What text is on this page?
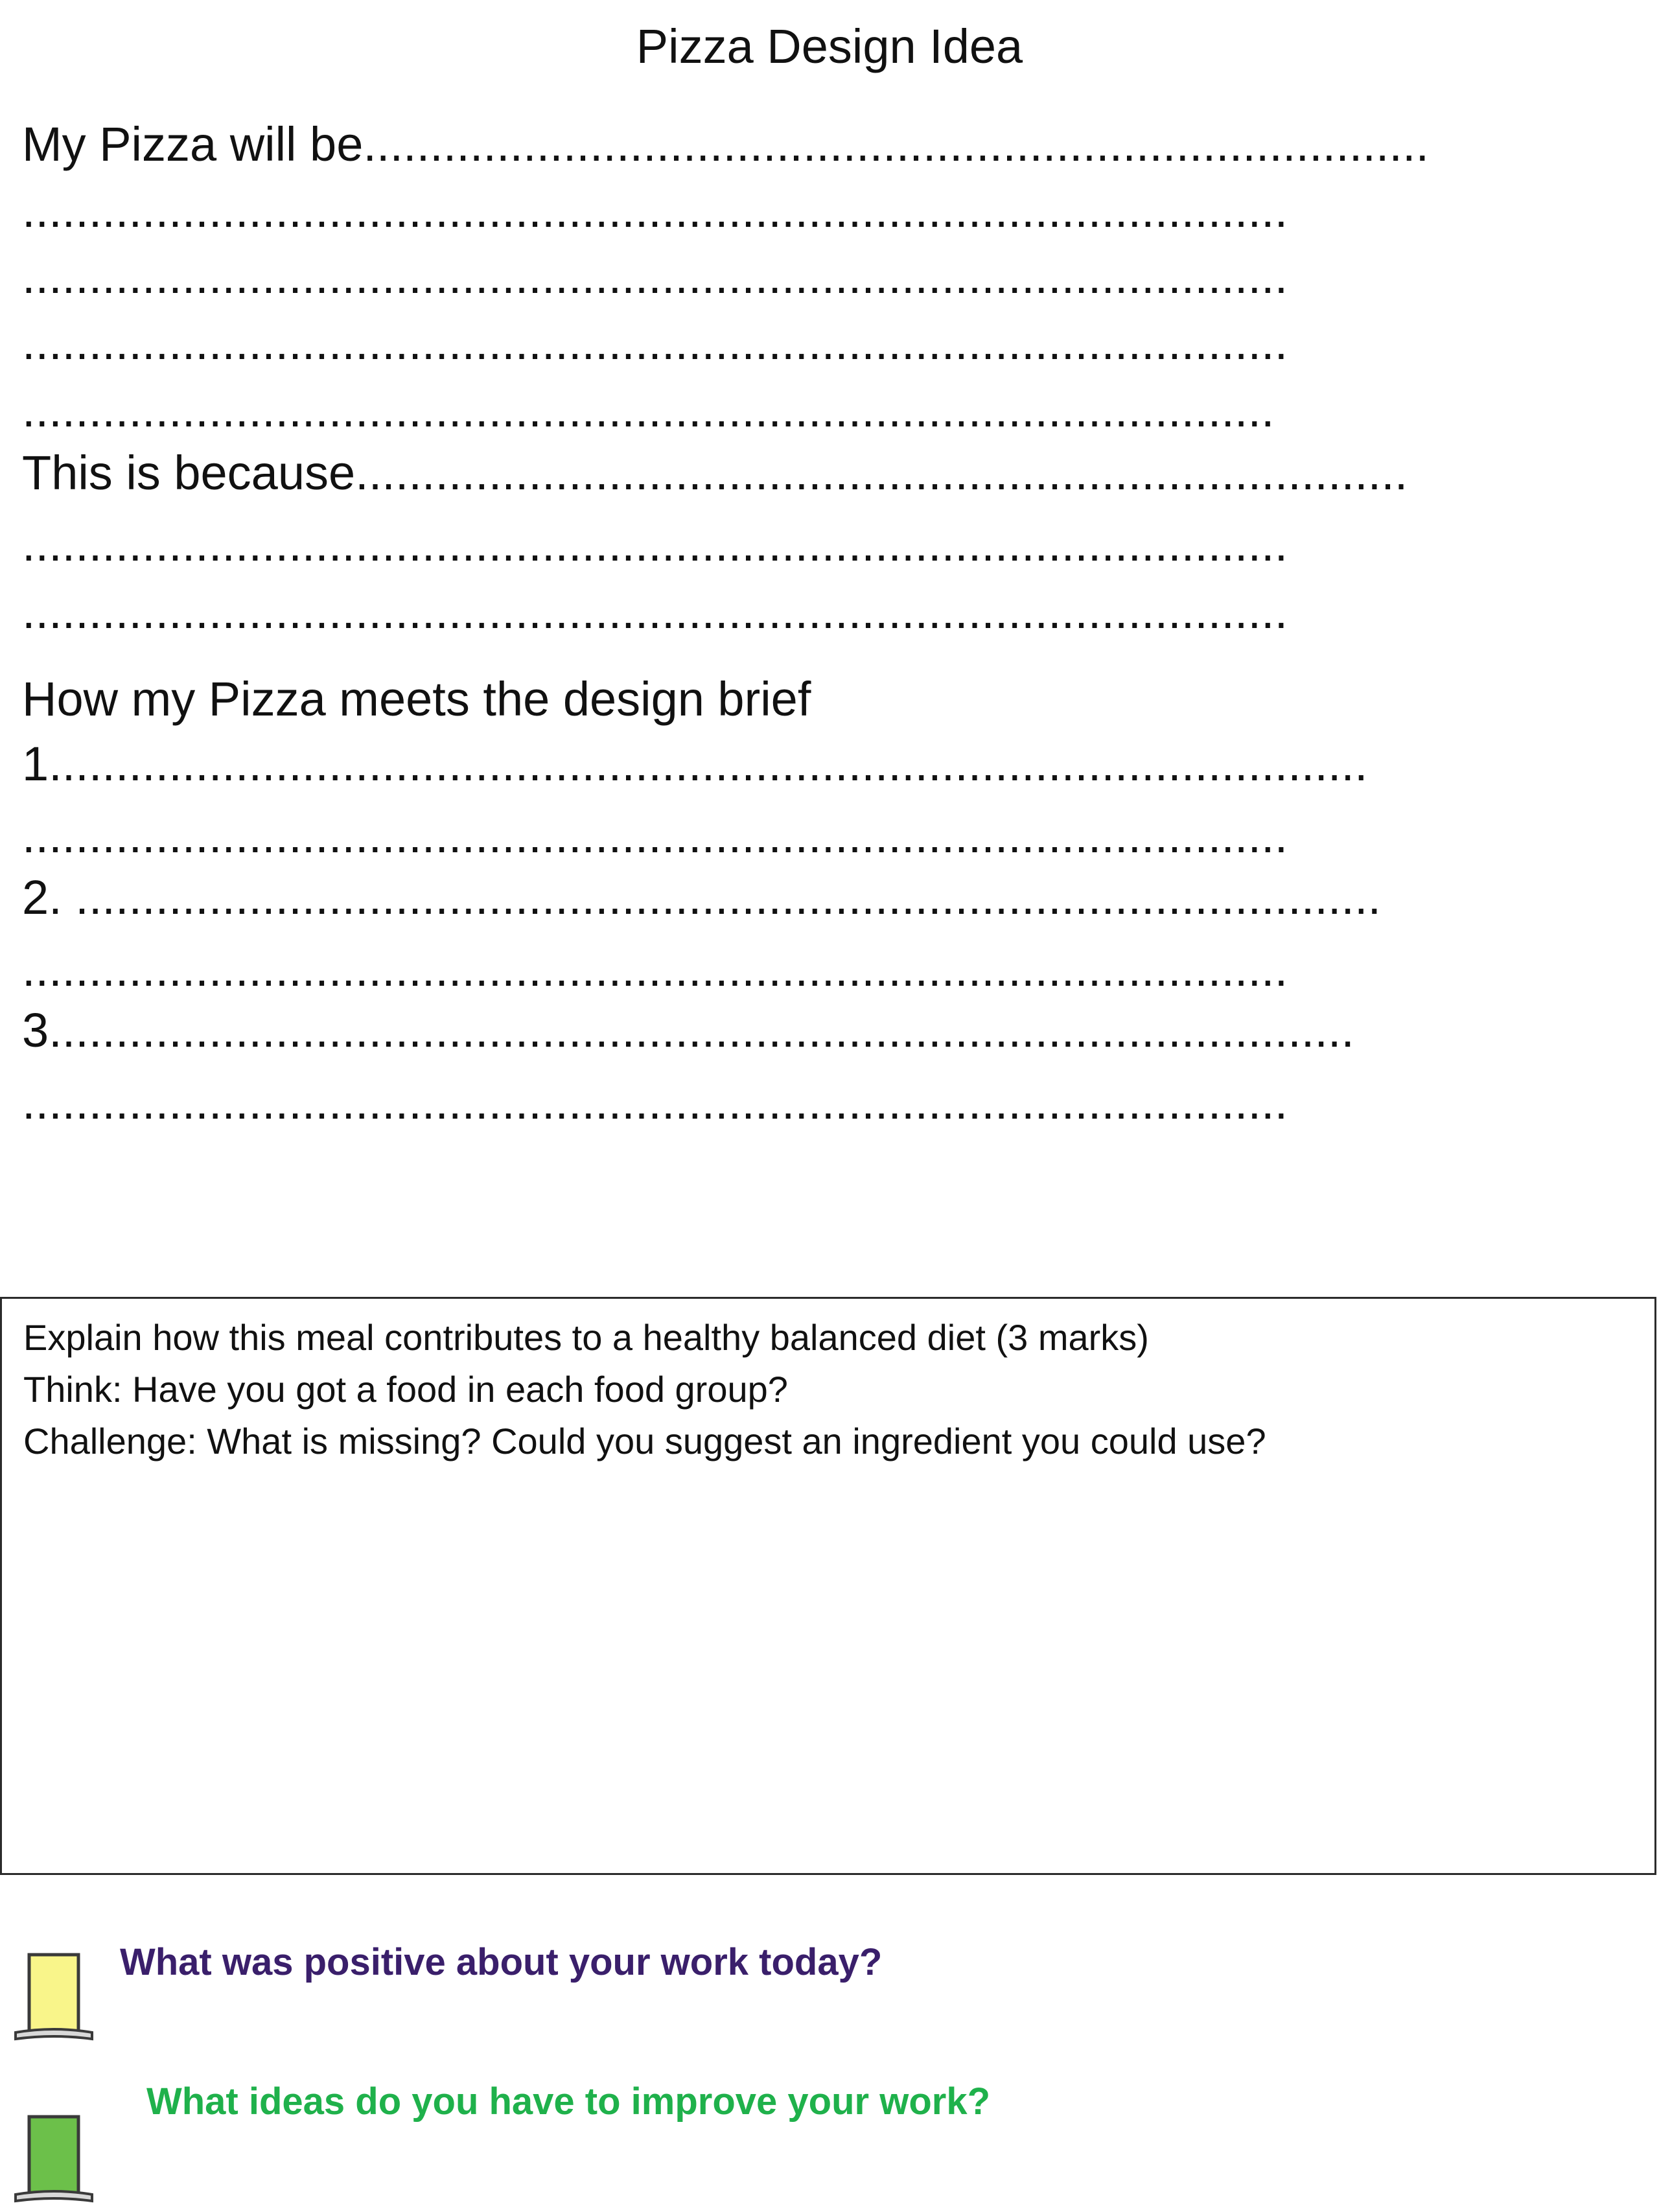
Pizza Design Idea
My Pizza will be................................................................................
...............................................................................................
...............................................................................................
...............................................................................................
..............................................................................................
This is because...............................................................................
...............................................................................................
...............................................................................................
How my Pizza meets the design brief
1...................................................................................................
...............................................................................................
2. ..................................................................................................
...............................................................................................
3..................................................................................................
...............................................................................................
Explain how this meal contributes to a healthy balanced diet (3 marks)
Think: Have you got a food in each food group?
Challenge: What is missing? Could you suggest an ingredient you could use?
What was positive about your work today?
What ideas do you have to improve your work?
